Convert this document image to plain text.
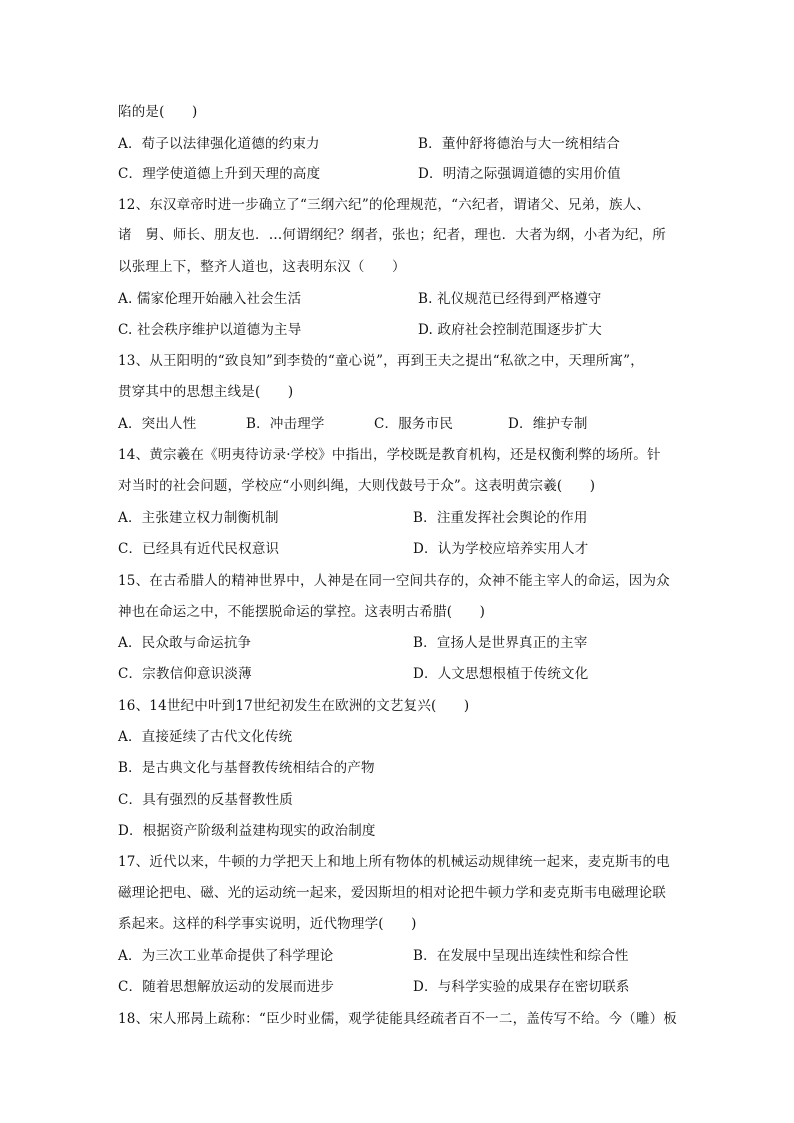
陷的是(　　)
A．荀子以法律强化道德的约束力	B．董仲舒将德治与大一统相结合
C．理学使道德上升到天理的高度	D．明清之际强调道德的实用价值
12、东汉章帝时进一步确立了“三纲六纪”的伦理规范，“六纪者，谓诸父、兄弟，族人、
诸　舅、师长、朋友也．…何谓纲纪？纲者，张也；纪者，理也．大者为纲，小者为纪，所
以张理上下，整齐人道也，这表明东汉（　　）
A. 儒家伦理开始融入社会生活	B. 礼仪规范已经得到严格遵守
C. 社会秩序维护以道德为主导	D. 政府社会控制范围逐步扩大
13、从王阳明的“致良知”到李贽的“童心说”，再到王夫之提出“私欲之中，天理所寓”，
贯穿其中的思想主线是(　　)
A．突出人性	B．冲击理学	C．服务市民	D．维护专制
14、黄宗羲在《明夷待访录·学校》中指出，学校既是教育机构，还是权衡利弊的场所。针
对当时的社会问题，学校应“小则纠绳，大则伐鼓号于众”。这表明黄宗羲(　　)
A．主张建立权力制衡机制	B．注重发挥社会舆论的作用
C．已经具有近代民权意识	D．认为学校应培养实用人才
15、在古希腊人的精神世界中，人神是在同一空间共存的，众神不能主宰人的命运，因为众
神也在命运之中，不能摆脱命运的掌控。这表明古希腊(　　)
A．民众敢与命运抗争	B．宣扬人是世界真正的主宰
C．宗教信仰意识淡薄	D．人文思想根植于传统文化
16、14世纪中叶到17世纪初发生在欧洲的文艺复兴(　　)
A．直接延续了古代文化传统
B．是古典文化与基督教传统相结合的产物
C．具有强烈的反基督教性质
D．根据资产阶级利益建构现实的政治制度
17、近代以来，牛顿的力学把天上和地上所有物体的机械运动规律统一起来，麦克斯韦的电
磁理论把电、磁、光的运动统一起来，爱因斯坦的相对论把牛顿力学和麦克斯韦电磁理论联
系起来。这样的科学事实说明，近代物理学(　　)
A．为三次工业革命提供了科学理论	B．在发展中呈现出连续性和综合性
C．随着思想解放运动的发展而进步	D．与科学实验的成果存在密切联系
18、宋人邢昺上疏称：“臣少时业儒，观学徒能具经疏者百不一二，盖传写不给。今（雕）板
